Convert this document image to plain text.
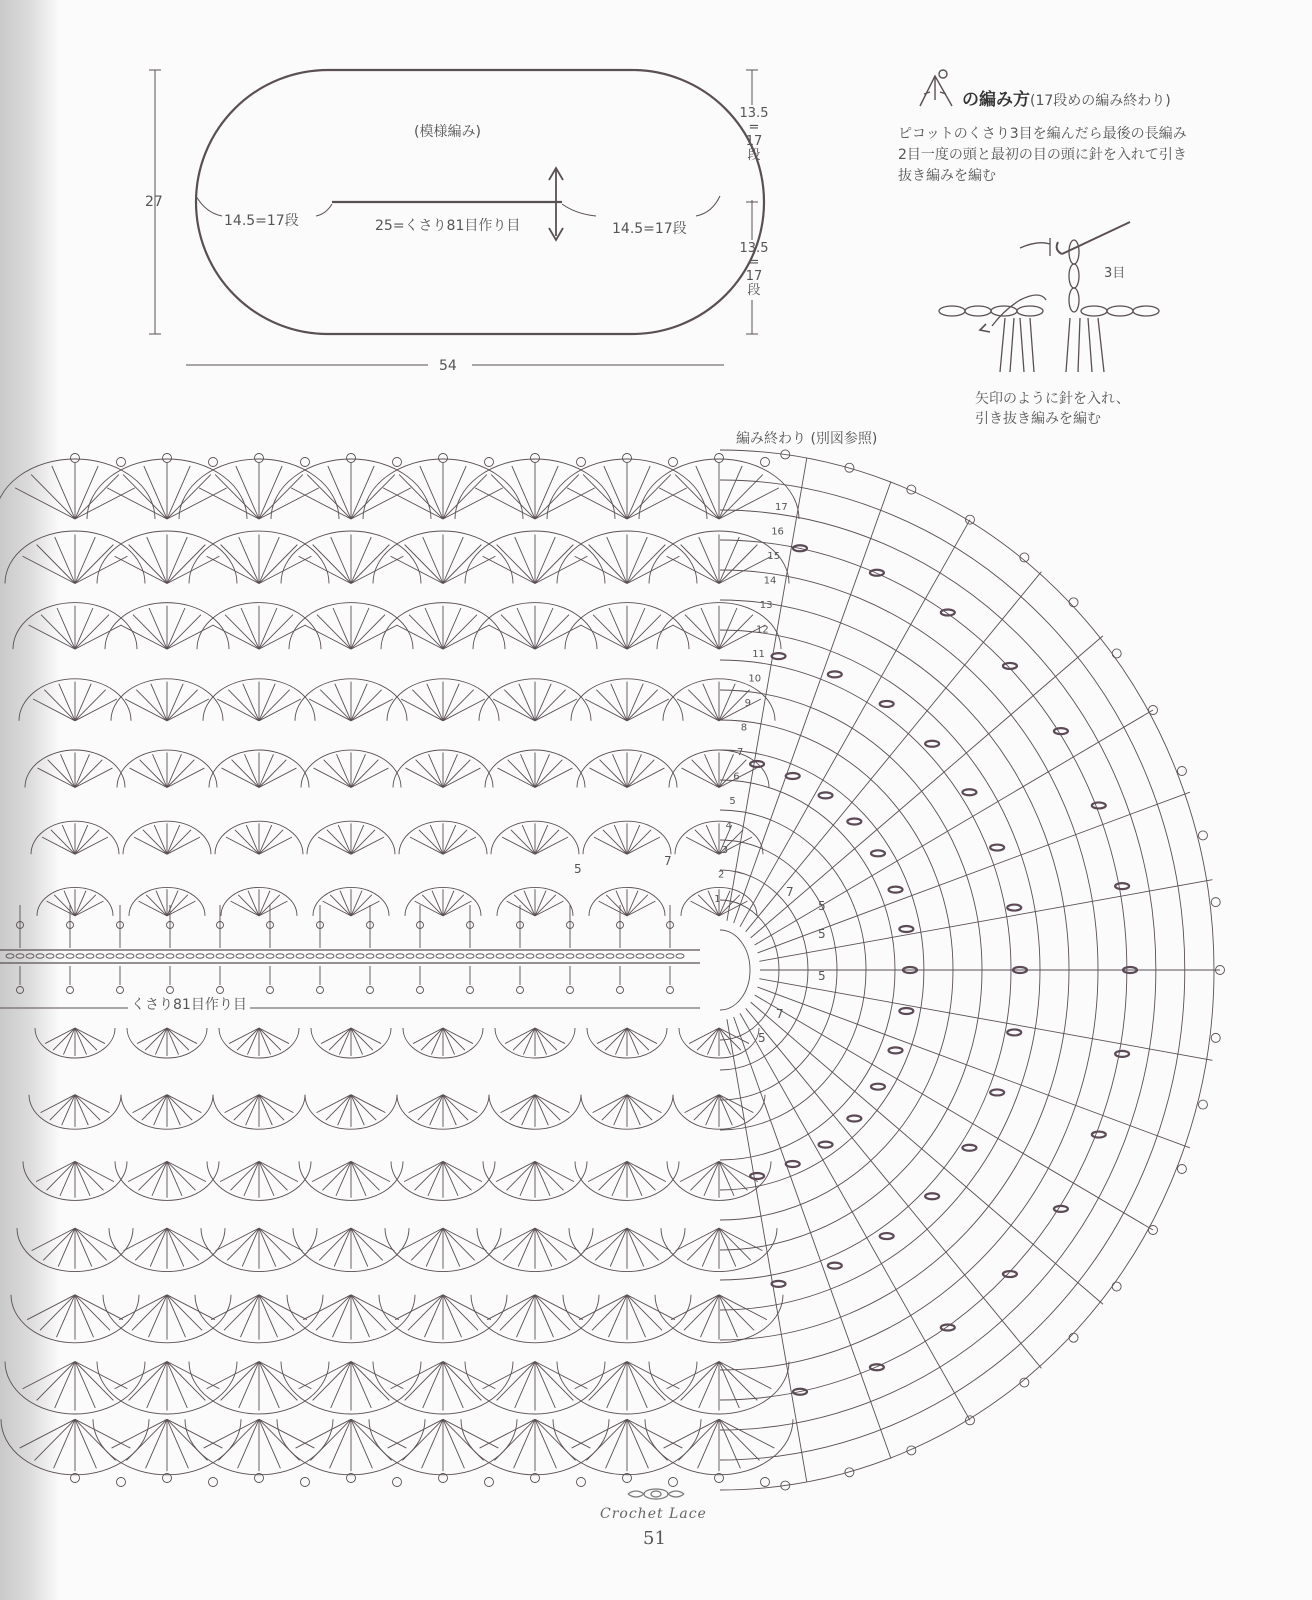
(模様編み)
27
54
14.5=17段	14.5=17段
25=くさり81目作り目
13.5
=
17
段
13.5
=
17
段
の編み方(17段めの編み終わり)
ピコットのくさり3目を編んだら最後の長編み
2目一度の頭と最初の目の頭に針を入れて引き
抜き編みを編む
3目
矢印のように針を入れ、
引き抜き編みを編む
編み終わり (別図参照)
17
16
15
14
13
12
11
10
9
8
7
6
5
4
3
2
1
5
7
7
5
5
5
7
5
くさり81目作り目
Crochet Lace
51
